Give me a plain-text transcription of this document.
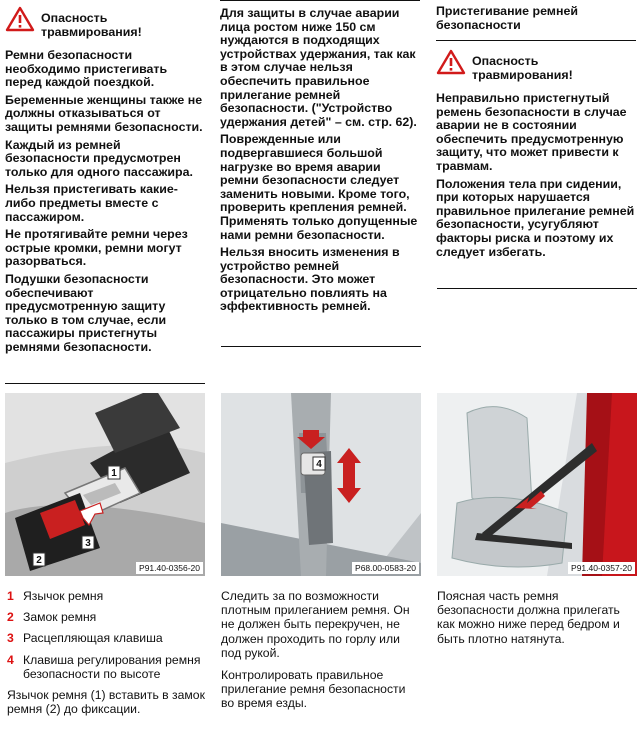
Опасность
травмирования!

Ремни безопасности необходимо пристегивать перед каждой поездкой.

Беременные женщины также не должны отказываться от защиты ремнями безопасности.

Каждый из ремней безопасности предусмотрен только для одного пассажира.

Нельзя пристегивать какие-либо предметы вместе с пассажиром.

Не протягивайте ремни через острые кромки, ремни могут разорваться.

Подушки безопасности обеспечивают предусмотренную защиту только в том случае, если пассажиры пристегнуты ремнями безопасности.

Для защиты в случае аварии лица ростом ниже 150 см нуждаются в подходящих устройствах удержания, так как в этом случае нельзя обеспечить правильное прилегание ремней безопасности. ("Устройство удержания детей" – см. стр. 62).

Поврежденные или подвергавшиеся большой нагрузке во время аварии ремни безопасности следует заменить новыми. Кроме того, проверить крепления ремней. Применять только допущенные нами ремни безопасности.

Нельзя вносить изменения в устройство ремней безопасности. Это может отрицательно повлиять на эффективность ремней.

Пристегивание ремней безопасности
Опасность
травмирования!

Неправильно пристегнутый ремень безопасности в случае аварии не в состоянии обеспечить предусмотренную защиту, что может привести к травмам.

Положения тела при сидении, при которых нарушается правильное прилегание ремней безопасности, усугубляют факторы риска и поэтому их следует избегать.

1
2
3
P91.40-0356-20
4
P68.00-0583-20	P91.40-0357-20
1 Язычок ремня
2 Замок ремня
3 Расцепляющая клавиша
4 Клавиша регулирования ремня безопасности по высоте
Язычок ремня (1) вставить в замок ремня (2) до фиксации.

Следить за по возможности плотным прилеганием ремня. Он не должен быть перекручен, не должен проходить по горлу или под рукой.

Контролировать правильное прилегание ремня безопасности во время езды.

Поясная часть ремня безопасности должна прилегать как можно ниже перед бедром и быть плотно натянута.
